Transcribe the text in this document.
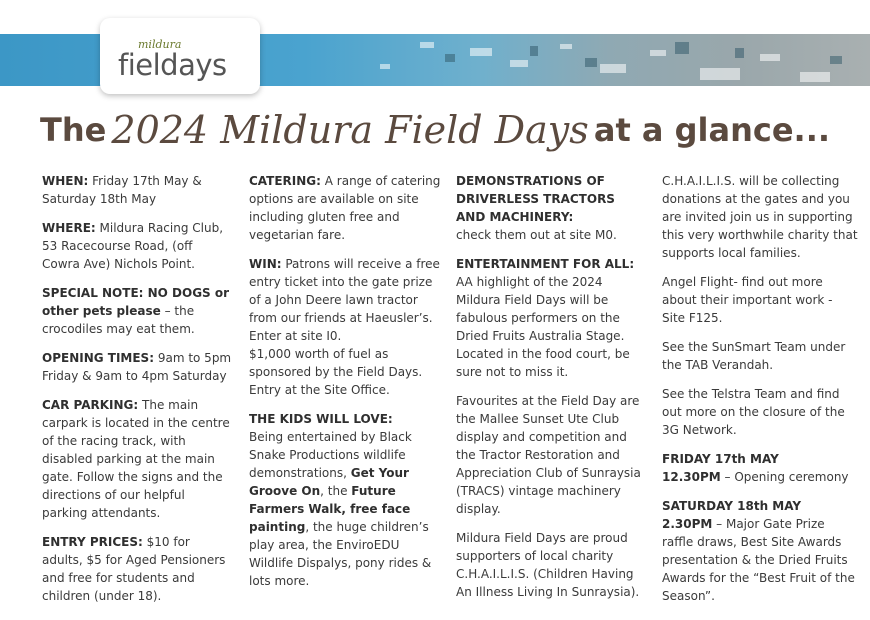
mildura
fieldays
The 2024 Mildura Field Days at a glance...

WHEN: Friday 17th May & Saturday 18th May

WHERE: Mildura Racing Club, 53 Racecourse Road, (off Cowra Ave) Nichols Point.

SPECIAL NOTE: NO DOGS or other pets please – the crocodiles may eat them.

OPENING TIMES: 9am to 5pm Friday & 9am to 4pm Saturday

CAR PARKING: The main carpark is located in the centre of the racing track, with disabled parking at the main gate. Follow the signs and the directions of our helpful parking attendants.

ENTRY PRICES: $10 for adults, $5 for Aged Pensioners and free for students and children (under 18).

CATERING: A range of catering options are available on site including gluten free and vegetarian fare.

WIN: Patrons will receive a free entry ticket into the gate prize of a John Deere lawn tractor from our friends at Haeusler’s. Enter at site I0.

$1,000 worth of fuel as sponsored by the Field Days. Entry at the Site Office.

THE KIDS WILL LOVE:
Being entertained by Black Snake Productions wildlife demonstrations, Get Your Groove On, the Future Farmers Walk, free face painting, the huge children’s play area, the EnviroEDU Wildlife Dispalys, pony rides & lots more.

DEMONSTRATIONS OF DRIVERLESS TRACTORS AND MACHINERY:
check them out at site M0.

ENTERTAINMENT FOR ALL:
AA highlight of the 2024 Mildura Field Days will be fabulous performers on the Dried Fruits Australia Stage. Located in the food court, be sure not to miss it.

Favourites at the Field Day are the Mallee Sunset Ute Club display and competition and the Tractor Restoration and Appreciation Club of Sunraysia (TRACS) vintage machinery display.

Mildura Field Days are proud supporters of local charity C.H.A.I.L.I.S. (Children Having An Illness Living In Sunraysia).

C.H.A.I.L.I.S. will be collecting donations at the gates and you are invited join us in supporting this very worthwhile charity that supports local families.

Angel Flight- find out more about their important work - Site F125.

See the SunSmart Team under the TAB Verandah.

See the Telstra Team and find out more on the closure of the 3G Network.

FRIDAY 17th MAY
12.30PM – Opening ceremony

SATURDAY 18th MAY
2.30PM – Major Gate Prize raffle draws, Best Site Awards presentation & the Dried Fruits Awards for the “Best Fruit of the Season”.
